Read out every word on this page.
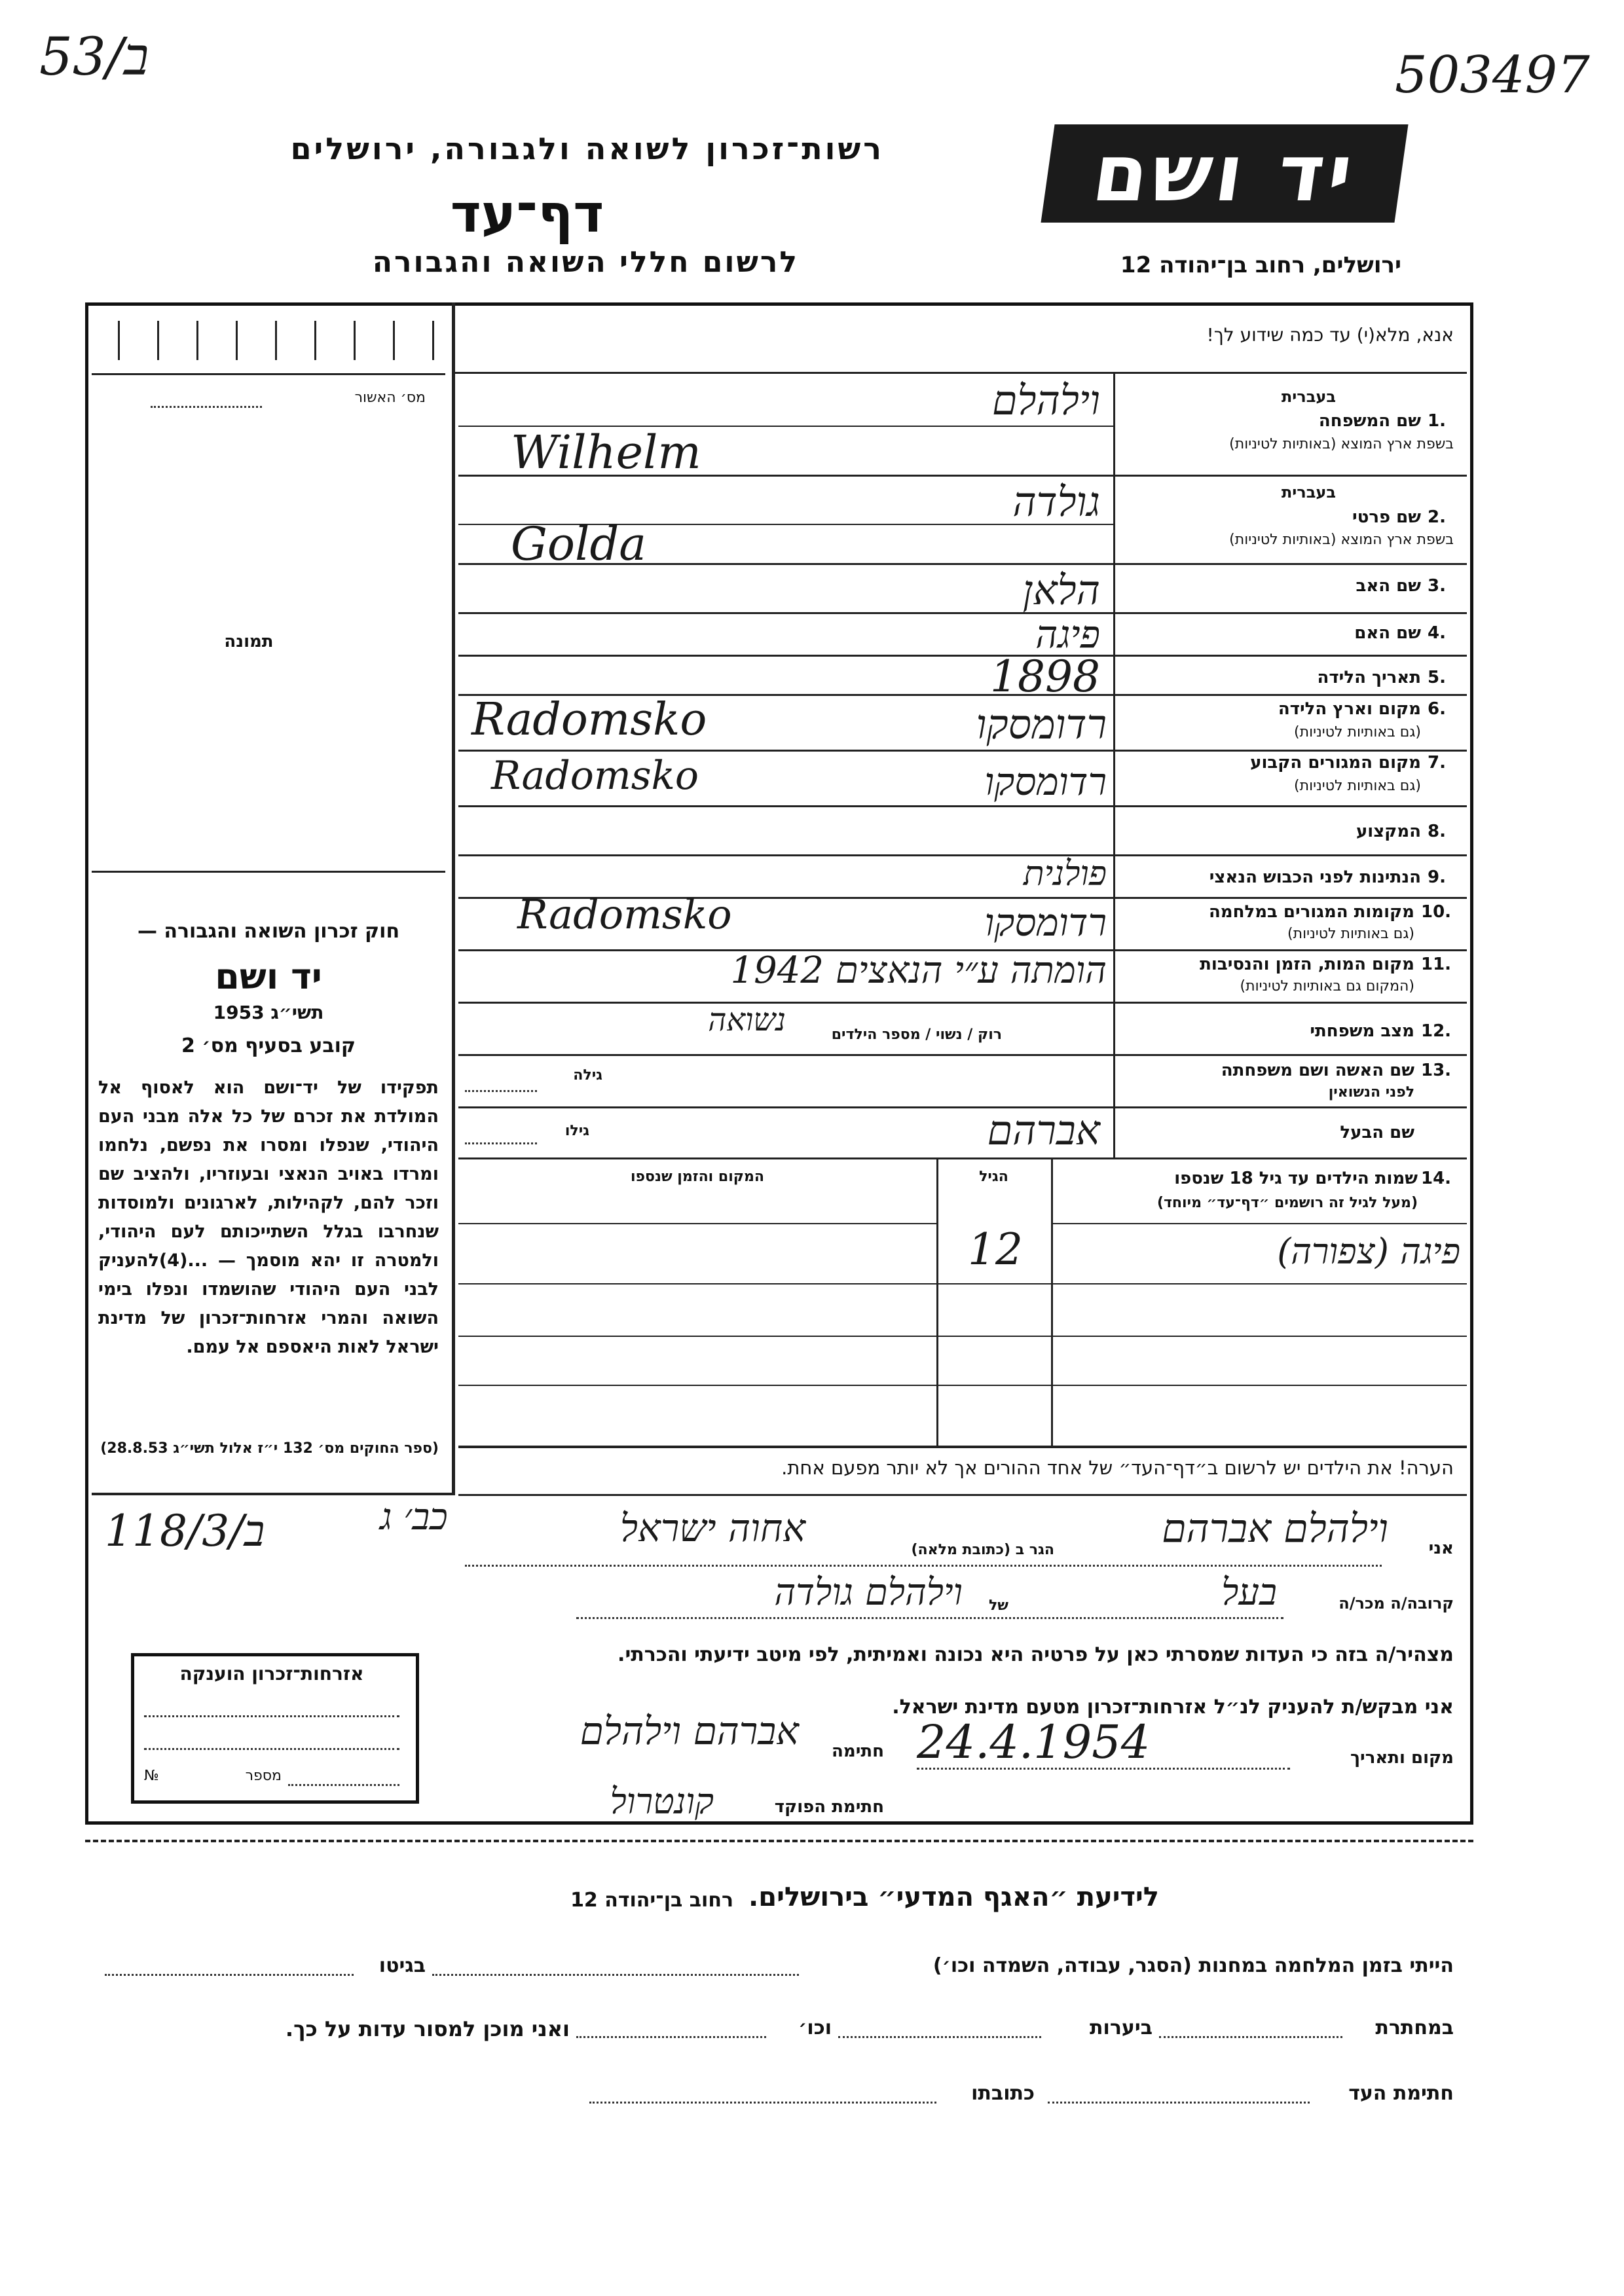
ב/53	503497
רשות־זכרון לשואה ולגבורה, ירושלים
דף־עד
לרשום חללי השואה והגבורה
יד ושם
ירושלים, רחוב בן־יהודה 12
אנא, מלא(י) עד כמה שידוע לך!
מס׳ האשור
תמונה
חוק זכרון השואה והגבורה —
יד ושם
תשי״ג 1953
קובע בסעיף מס׳ 2
תפקידו של יד־ושם הוא לאסוף אל המולדת את זכרם של כל אלה מבני העם היהודי, שנפלו ומסרו את נפשם, נלחמו ומרדו באויב הנאצי ובעוזריו, ולהציב שם וזכר להם, לקהילות, לארגונים ולמוסדות שנחרבו בגלל השתייכותם לעם היהודי, ולמטרה זו יהא מוסמך — ...(4)להעניק לבני העם היהודי שהושמדו ונפלו בימי השואה והמרי אזרחות־זכרון של מדינת ישראל לאות היאספם אל עמם.
(ספר החוקים מס׳ 132 י״ז אלול תשי״ג 28.8.53)
ב/118/3
אזרחות־זכרון הוענקה
מספר
№
בעברית
1.
שם המשפחה
בשפת ארץ המוצא (באותיות לטיניות)
וילהלם
Wilhelm
בעברית
2.
שם פרטי
בשפת ארץ המוצא (באותיות לטיניות)
גולדה
Golda
3.
שם האב
הלאן
4.
שם האם
פיגה
5.
תאריך הלידה
1898
6.
מקום וארץ הלידה
(גם באותיות לטיניות)
רדומסקו
Radomsko
7.
מקום המגורים הקבוע
(גם באותיות לטיניות)
רדומסקו
Radomsko
8.
המקצוע
9.
הנתינות לפני הכבוש הנאצי
פולנית
10.
מקומות המגורים במלחמה
(גם באותיות לטיניות)
רדומסקו
Radomsko
11.
מקום המות, הזמן והנסיבות
(המקום גם באותיות לטיניות)
הומתה ע״י הנאצים 1942
12.
מצב משפחתי
רוק / נשוי / מספר הילדים
נשואה
13.
שם האשה ושם משפחתה
לפני הנשואין
גילה
שם הבעל
אברהם
גילו
14.
שמות הילדים עד גיל 18 שנספו
(מעל לגיל זה רושמים ״דף־עד״ מיוחד)
הגיל
המקום והזמן שנספו
פיגה (צפורה)
12
הערה! את הילדים יש לרשום ב״דף־העד״ של אחד ההורים אך לא יותר מפעם אחת.
אני
וילהלם אברהם
הגר ב (כתובת מלאה)
אחוה ישראל
כב׳ ג
קרובה/ה מכר/ה
בעל
של
וילהלם גולדה
מצהיר/ה בזה כי העדות שמסרתי כאן על פרטיה היא נכונה ואמיתית, לפי מיטב ידיעתי והכרתי.
אני מבקש/ת להעניק לנ״ל אזרחות־זכרון מטעם מדינת ישראל.
מקום ותאריך
24.4.1954
חתימה
אברהם וילהלם
חתימת הפוקד
קונטרול
לידיעת ״האגף המדעי״ בירושלים.
רחוב בן־יהודה 12
הייתי בזמן המלחמה במחנות (הסגר, עבודה, השמדה וכו׳)
בגיטו
במחתרת
ביערות
וכו׳
ואני מוכן למסור עדות על כך.
חתימת העד
כתובתו
